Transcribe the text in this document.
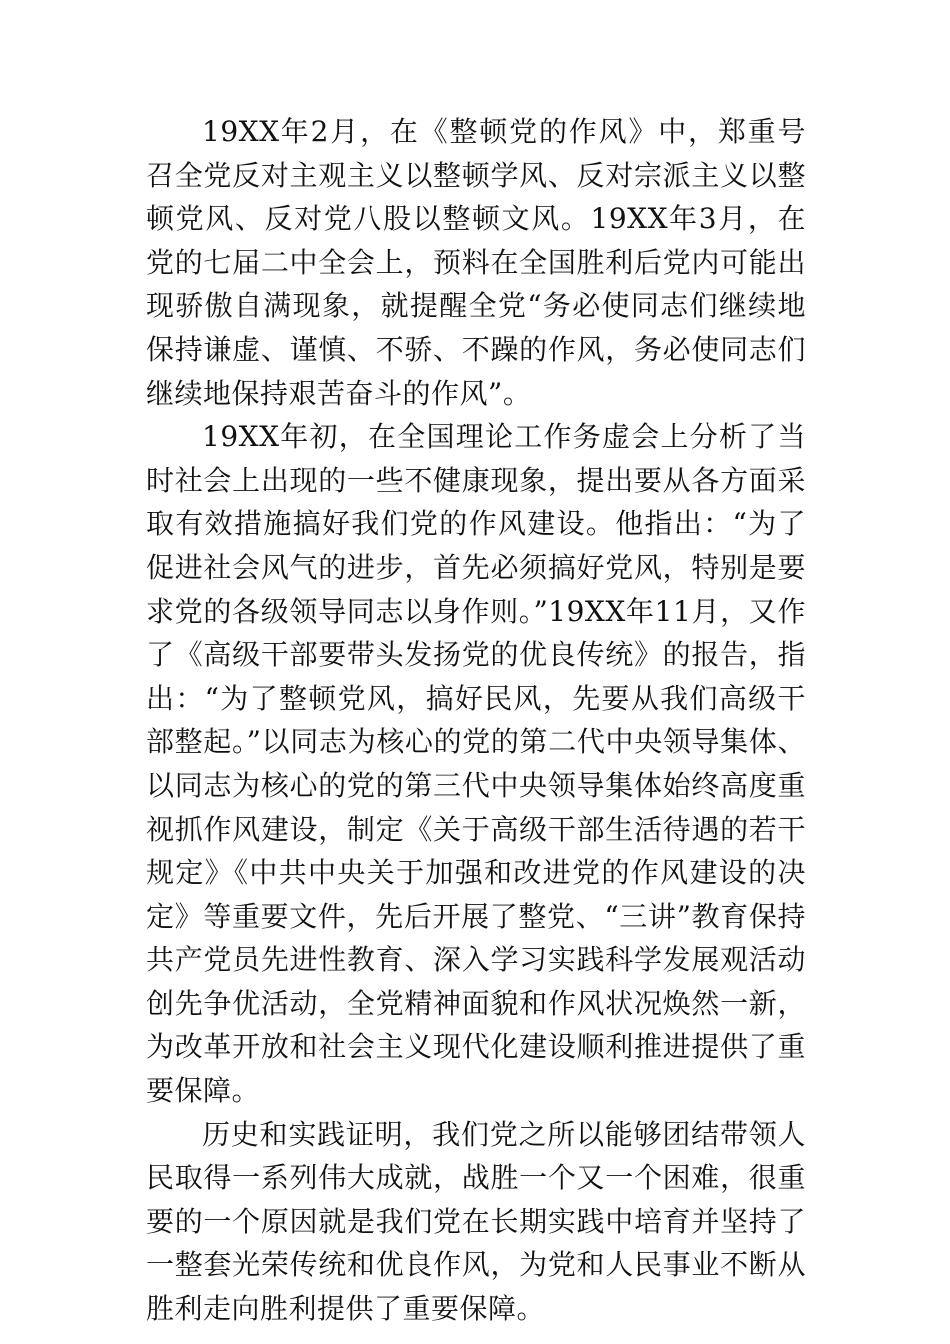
19XX年2月，在《整顿党的作风》中，郑重号召全党反对主观主义以整顿学风、反对宗派主义以整顿党风、反对党八股以整顿文风。19XX年3月，在党的七届二中全会上，预料在全国胜利后党内可能出现骄傲自满现象，就提醒全党“务必使同志们继续地保持谦虚、谨慎、不骄、不躁的作风，务必使同志们继续地保持艰苦奋斗的作风”。

19XX年初，在全国理论工作务虚会上分析了当时社会上出现的一些不健康现象，提出要从各方面采取有效措施搞好我们党的作风建设。他指出：“为了促进社会风气的进步，首先必须搞好党风，特别是要求党的各级领导同志以身作则。”19XX年11月，又作了《高级干部要带头发扬党的优良传统》的报告，指出：“为了整顿党风，搞好民风，先要从我们高级干部整起。”以同志为核心的党的第二代中央领导集体、以同志为核心的党的第三代中央领导集体始终高度重视抓作风建设，制定《关于高级干部生活待遇的若干规定》《中共中央关于加强和改进党的作风建设的决定》等重要文件，先后开展了整党、“三讲”教育保持共产党员先进性教育、深入学习实践科学发展观活动创先争优活动，全党精神面貌和作风状况焕然一新，为改革开放和社会主义现代化建设顺利推进提供了重要保障。

历史和实践证明，我们党之所以能够团结带领人民取得一系列伟大成就，战胜一个又一个困难，很重要的一个原因就是我们党在长期实践中培育并坚持了一整套光荣传统和优良作风，为党和人民事业不断从胜利走向胜利提供了重要保障。
